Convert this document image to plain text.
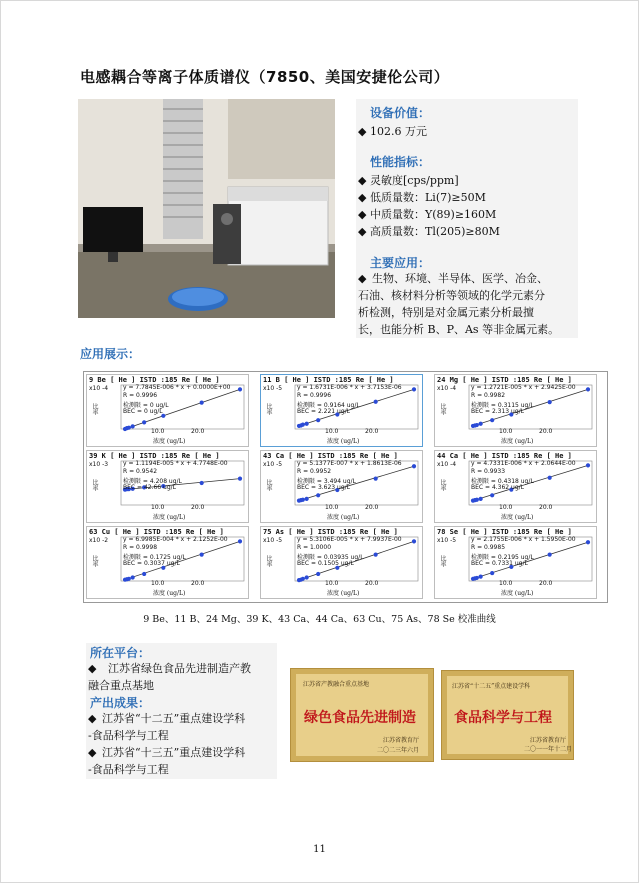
电感耦合等离子体质谱仪（7850、美国安捷伦公司）
设备价值：
◆ 102.6 万元
性能指标：
◆ 灵敏度[cps/ppm]
◆ 低质量数：Li(7)≥50M
◆ 中质量数：Y(89)≥160M
◆ 高质量数：Tl(205)≥80M
主要应用：
◆ 生物、环境、半导体、医学、冶金、
石油、核材料分析等领域的化学元素分
析检测，特别是对金属元素分析最擅
长，也能分析 B、P、As 等非金属元素。
应用展示：
9 Be [ He ] ISTD :185 Re [ He ]
x10 -4
比率
y = 7.7845E-006 * x + 0.0000E+00
R = 0.9996
检测限 = 0 ug/L
BEC = 0 ug/L
10.0	20.0
浓度 (ug/L)
11 B [ He ] ISTD :185 Re [ He ]
x10 -5
比率
y = 1.6731E-006 * x + 3.7153E-06
R = 0.9996
检测限 = 0.9164 ug/L
BEC = 2.221 ug/L
10.0	20.0
浓度 (ug/L)
24 Mg [ He ] ISTD :185 Re [ He ]
x10 -4
比率
y = 1.2721E-005 * x + 2.9425E-00
R = 0.9982
检测限 = 0.3115 ug/L
BEC = 2.313 ug/L
10.0	20.0
浓度 (ug/L)
39 K [ He ] ISTD :185 Re [ He ]
x10 -3
比率
y = 1.1194E-005 * x + 4.7748E-00
R = 0.9542
检测限 = 4.208 ug/L
BEC = 42.66 ug/L
10.0	20.0
浓度 (ug/L)
43 Ca [ He ] ISTD :185 Re [ He ]
x10 -5
比率
y = 5.1377E-007 * x + 1.8613E-06
R = 0.9952
检测限 = 3.494 ug/L
BEC = 3.623 ug/L
10.0	20.0
浓度 (ug/L)
44 Ca [ He ] ISTD :185 Re [ He ]
x10 -4
比率
y = 4.7331E-006 * x + 2.0644E-00
R = 0.9933
检测限 = 0.4318 ug/L
BEC = 4.362 ug/L
10.0	20.0
浓度 (ug/L)
63 Cu [ He ] ISTD :185 Re [ He ]
x10 -2
比率
y = 6.9985E-004 * x + 2.1252E-00
R = 0.9998
检测限 = 0.1725 ug/L
BEC = 0.3037 ug/L
10.0	20.0
浓度 (ug/L)
75 As [ He ] ISTD :185 Re [ He ]
x10 -5
比率
y = 5.3106E-005 * x + 7.9937E-00
R = 1.0000
检测限 = 0.03935 ug/L
BEC = 0.1505 ug/L
10.0	20.0
浓度 (ug/L)
78 Se [ He ] ISTD :185 Re [ He ]
x10 -5
比率
y = 2.1755E-006 * x + 1.5950E-00
R = 0.9985
检测限 = 0.2195 ug/L
BEC = 0.7331 ug/L
10.0	20.0
浓度 (ug/L)
9 Be、11 B、24 Mg、39 K、43 Ca、44 Ca、63 Cu、75 As、78 Se 校准曲线
所在平台：
◆ 江苏省绿色食品先进制造产教
融合重点基地
产出成果：
◆ 江苏省“十二五”重点建设学科
-食品科学与工程
◆ 江苏省“十三五”重点建设学科
-食品科学与工程
江苏省产教融合重点基地
绿色食品先进制造
江苏省教育厅
二〇二三年六月
江苏省“十二五”重点建设学科
食品科学与工程
江苏省教育厅
二〇一一年十二月
11
